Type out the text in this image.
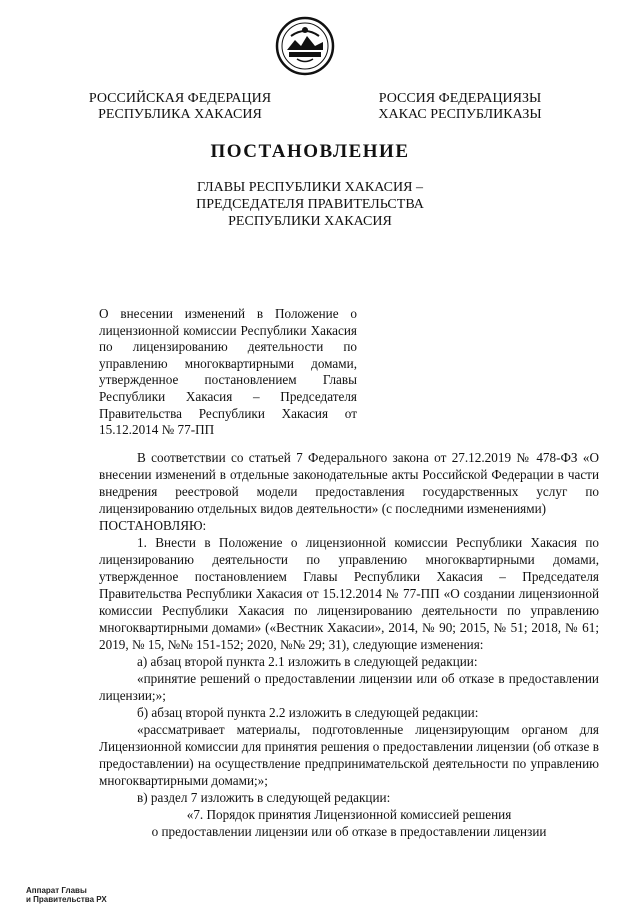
РОССИЙСКАЯ ФЕДЕРАЦИЯ
РЕСПУБЛИКА ХАКАСИЯ
РОССИЯ ФЕДЕРАЦИЯЗЫ
ХАКАС РЕСПУБЛИКАЗЫ
ПОСТАНОВЛЕНИЕ
ГЛАВЫ РЕСПУБЛИКИ ХАКАСИЯ –
ПРЕДСЕДАТЕЛЯ ПРАВИТЕЛЬСТВА
РЕСПУБЛИКИ ХАКАСИЯ
О внесении изменений в Положение о лицензионной комиссии Республики Хакасия по лицензированию деятельности по управлению многоквартирными домами, утвержденное постановлением Главы Республики Хакасия – Председателя Правительства Республики Хакасия от 15.12.2014 № 77-ПП

В соответствии со статьей 7 Федерального закона от 27.12.2019 № 478-ФЗ «О внесении изменений в отдельные законодательные акты Российской Федерации в части внедрения реестровой модели предоставления государственных услуг по лицензированию отдельных видов деятельности» (с последними изменениями)

ПОСТАНОВЛЯЮ:

1. Внести в Положение о лицензионной комиссии Республики Хакасия по лицензированию деятельности по управлению многоквартирными домами, утвержденное постановлением Главы Республики Хакасия – Председателя Правительства Республики Хакасия от 15.12.2014 № 77-ПП «О создании лицензионной комиссии Республики Хакасия по лицензированию деятельности по управлению многоквартирными домами» («Вестник Хакасии», 2014, № 90; 2015, № 51; 2018, № 61; 2019, № 15, №№ 151-152; 2020, №№ 29; 31), следующие изменения:

а) абзац второй пункта 2.1 изложить в следующей редакции:

«принятие решений о предоставлении лицензии или об отказе в предоставлении лицензии;»;

б) абзац второй пункта 2.2 изложить в следующей редакции:

«рассматривает материалы, подготовленные лицензирующим органом для Лицензионной комиссии для принятия решения о предоставлении лицензии (об отказе в предоставлении) на осуществление предпринимательской деятельности по управлению многоквартирными домами;»;

в) раздел 7 изложить в следующей редакции:

«7. Порядок принятия Лицензионной комиссией решения

о предоставлении лицензии или об отказе в предоставлении лицензии

Аппарат Главы
и Правительства РХ
